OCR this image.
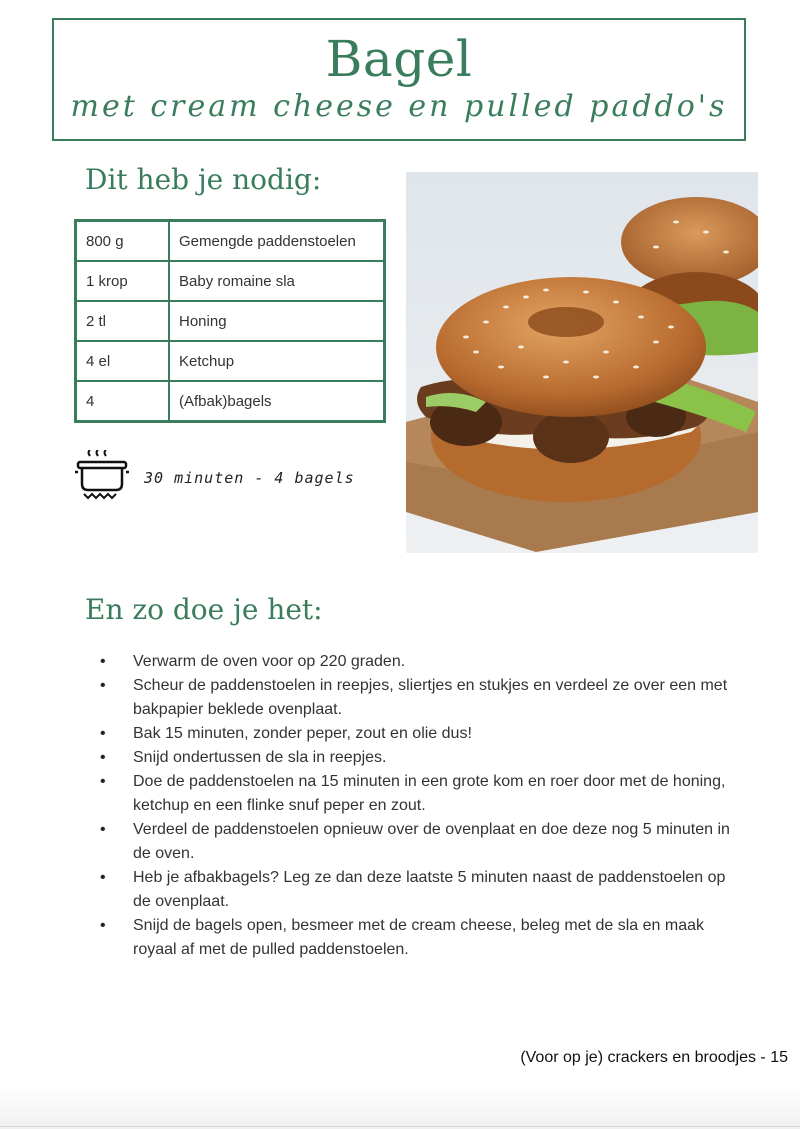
Bagel
met cream cheese en pulled paddo's
Dit heb je nodig:
800 g	Gemengde paddenstoelen
1 krop	Baby romaine sla
2 tl	Honing
4 el	Ketchup
4	(Afbak)bagels
30 minuten - 4 bagels
En zo doe je het:
• Verwarm de oven voor op 220 graden.
• Scheur de paddenstoelen in reepjes, sliertjes en stukjes en verdeel ze over een met bakpapier beklede ovenplaat.
• Bak 15 minuten, zonder peper, zout en olie dus!
• Snijd ondertussen de sla in reepjes.
• Doe de paddenstoelen na 15 minuten in een grote kom en roer door met de honing, ketchup en een flinke snuf peper en zout.
• Verdeel de paddenstoelen opnieuw over de ovenplaat en doe deze nog 5 minuten in de oven.
• Heb je afbakbagels? Leg ze dan deze laatste 5 minuten naast de paddenstoelen op de ovenplaat.
• Snijd de bagels open, besmeer met de cream cheese, beleg met de sla en maak royaal af met de pulled paddenstoelen.
(Voor op je) crackers en broodjes - 15
